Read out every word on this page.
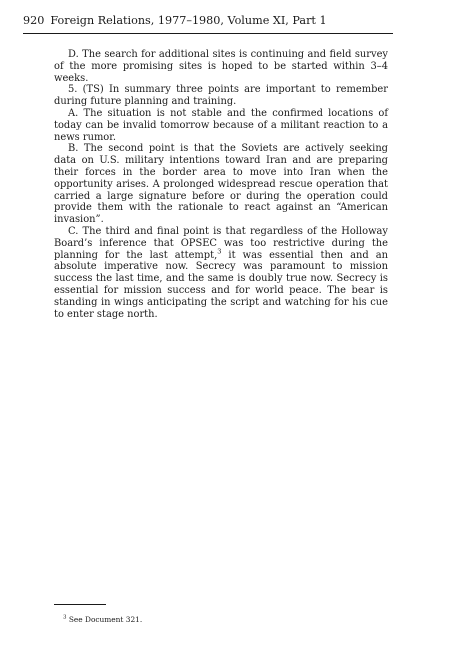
920 Foreign Relations, 1977–1980, Volume XI, Part 1

D. The search for additional sites is continuing and field survey of the more promising sites is hoped to be started within 3–4 weeks.

5. (TS) In summary three points are important to remember during future planning and training.

A. The situation is not stable and the confirmed locations of today can be invalid tomorrow because of a militant reaction to a news rumor.

B. The second point is that the Soviets are actively seeking data on U.S. military intentions toward Iran and are preparing their forces in the border area to move into Iran when the opportunity arises. A prolonged widespread rescue operation that carried a large signature before or during the operation could provide them with the rationale to react against an “American invasion”.

C. The third and final point is that regardless of the Holloway Board’s inference that OPSEC was too restrictive during the planning for the last attempt,$^3$ it was essential then and an absolute imperative now. Secrecy was paramount to mission success the last time, and the same is doubly true now. Secrecy is essential for mission success and for world peace. The bear is standing in wings anticipating the script and watching for his cue to enter stage north.

$^3$ See Document 321.
